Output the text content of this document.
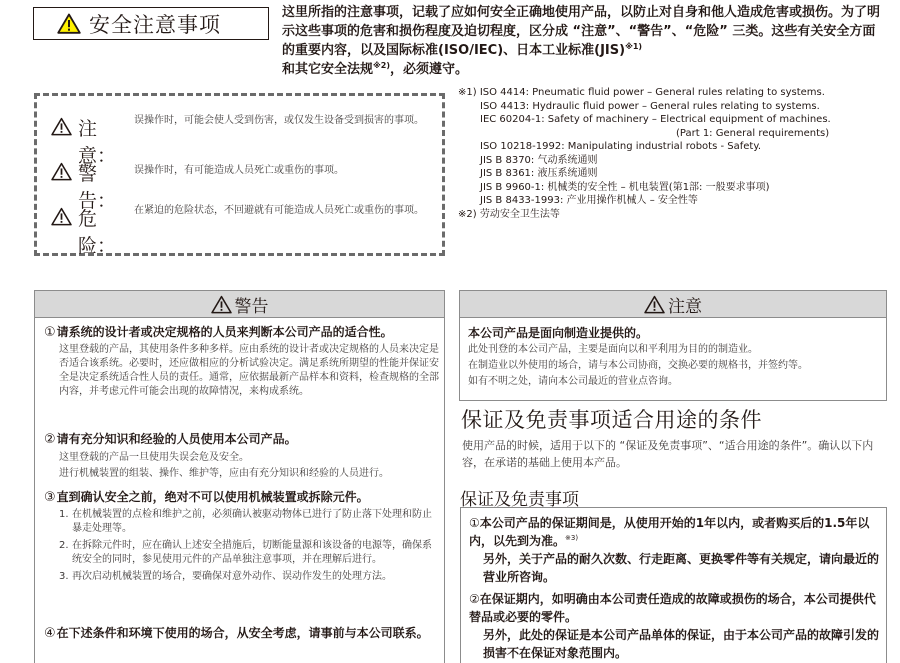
安全注意事项	这里所指的注意事项，记载了应如何安全正确地使用产品，以防止对自身和他人造成危害或损伤。为了明示这些事项的危害和损伤程度及迫切程度，区分成 “注意”、“警告”、“危险” 三类。这些有关安全方面的重要内容，以及国际标准(ISO/IEC)、日本工业标准(JIS)$^{※1)}$
和其它安全法规$^{※2)}$，必须遵守。
注意：
误操作时，可能会使人受到伤害，或仅发生设备受到损害的事项。
警告：
误操作时，有可能造成人员死亡或重伤的事项。
危险：
在紧迫的危险状态，不回避就有可能造成人员死亡或重伤的事项。
※1) ISO 4414: Pneumatic fluid power – General rules relating to systems.
ISO 4413: Hydraulic fluid power – General rules relating to systems.
IEC 60204-1: Safety of machinery – Electrical equipment of machines.
(Part 1: General requirements)
ISO 10218-1992: Manipulating industrial robots - Safety.
JIS B 8370: 气动系统通则
JIS B 8361: 液压系统通则
JIS B 9960-1: 机械类的安全性 – 机电装置(第1部: 一般要求事项)
JIS B 8433-1993: 产业用操作机械人 – 安全性等
※2) 劳动安全卫生法等
警告
①请系统的设计者或决定规格的人员来判断本公司产品的适合性。
这里登载的产品，其使用条件多种多样。应由系统的设计者或决定规格的人员来决定是否适合该系统。必要时，还应做相应的分析试验决定。满足系统所期望的性能并保证安全是决定系统适合性人员的责任。通常，应依据最新产品样本和资料，检查规格的全部内容，并考虑元件可能会出现的故障情况，来构成系统。
②请有充分知识和经验的人员使用本公司产品。
这里登载的产品一旦使用失误会危及安全。
进行机械装置的组装、操作、维护等，应由有充分知识和经验的人员进行。
③直到确认安全之前，绝对不可以使用机械装置或拆除元件。
1. 在机械装置的点检和维护之前，必须确认被驱动物体已进行了防止落下处理和防止暴走处理等。
2. 在拆除元件时，应在确认上述安全措施后，切断能量源和该设备的电源等，确保系统安全的同时，参见使用元件的产品单独注意事项，并在理解后进行。
3. 再次启动机械装置的场合，要确保对意外动作、误动作发生的处理方法。
④在下述条件和环境下使用的场合，从安全考虑，请事前与本公司联系。
注意
本公司产品是面向制造业提供的。
此处刊登的本公司产品，主要是面向以和平利用为目的的制造业。
在制造业以外使用的场合，请与本公司协商，交换必要的规格书，并签约等。
如有不明之处，请向本公司最近的营业点咨询。
保证及免责事项适合用途的条件
使用产品的时候，适用于以下的 “保证及免责事项”、“适合用途的条件”。确认以下内容，在承诺的基础上使用本产品。
保证及免责事项
①本公司产品的保证期间是，从使用开始的1年以内，或者购买后的1.5年以内，以先到为准。$^{※3)}$

另外，关于产品的耐久次数、行走距离、更换零件等有关规定，请向最近的营业所咨询。
②在保证期内，如明确由本公司责任造成的故障或损伤的场合，本公司提供代替品或必要的零件。

另外，此处的保证是本公司产品单体的保证，由于本公司产品的故障引发的损害不在保证对象范围内。
